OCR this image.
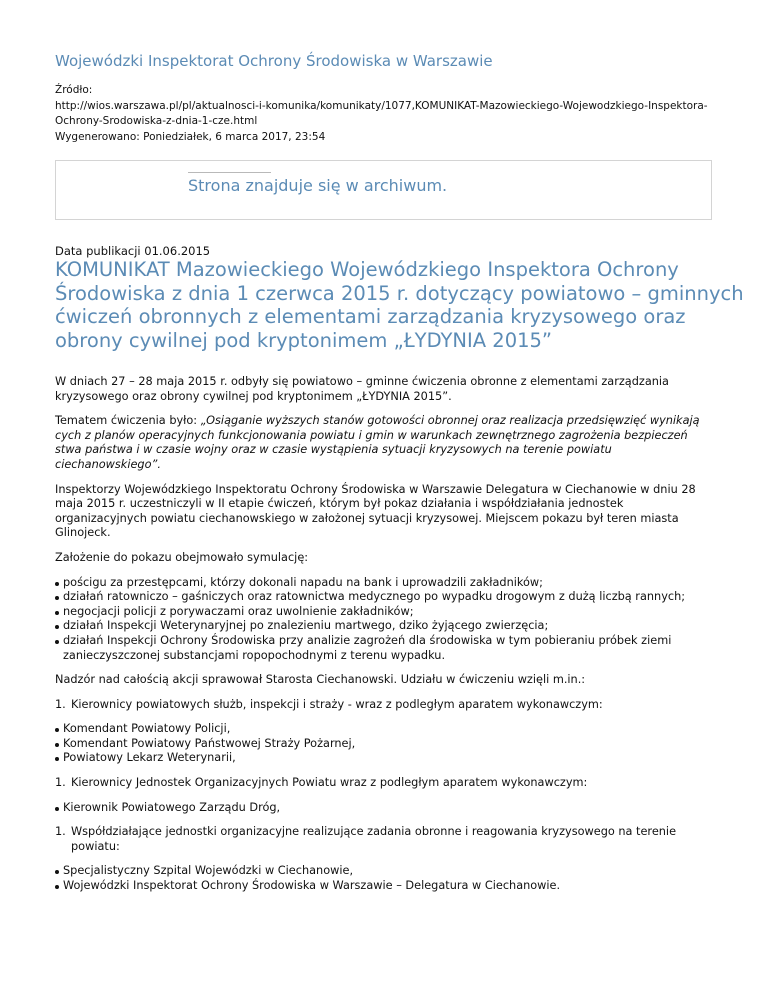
Wojewódzki Inspektorat Ochrony Środowiska w Warszawie
Źródło:
http://wios.warszawa.pl/pl/aktualnosci-i-komunika/komunikaty/1077,KOMUNIKAT-Mazowieckiego-Wojewodzkiego-Inspektora-
Ochrony-Srodowiska-z-dnia-1-cze.html
Wygenerowano: Poniedziałek, 6 marca 2017, 23:54
Strona znajduje się w archiwum.
Data publikacji 01.06.2015
KOMUNIKAT Mazowieckiego Wojewódzkiego Inspektora Ochrony
Środowiska z dnia 1 czerwca 2015 r. dotyczący powiatowo – gminnych
ćwiczeń obronnych z elementami zarządzania kryzysowego oraz
obrony cywilnej pod kryptonimem „ŁYDYNIA 2015”

W dniach 27 – 28 maja 2015 r. odbyły się powiatowo – gminne ćwiczenia obronne z elementami zarządzania
kryzysowego oraz obrony cywilnej pod kryptonimem „ŁYDYNIA 2015”.

Tematem ćwiczenia było: „Osiąganie wyższych stanów gotowości obronnej oraz realizacja przedsięwzięć wynikają
cych z planów operacyjnych funkcjonowania powiatu i gmin w warunkach zewnętrznego zagrożenia bezpieczeń
stwa państwa i w czasie wojny oraz w czasie wystąpienia sytuacji kryzysowych na terenie powiatu
ciechanowskiego”.

Inspektorzy Wojewódzkiego Inspektoratu Ochrony Środowiska w Warszawie Delegatura w Ciechanowie w dniu 28
maja 2015 r. uczestniczyli w II etapie ćwiczeń, którym był pokaz działania i współdziałania jednostek
organizacyjnych powiatu ciechanowskiego w założonej sytuacji kryzysowej. Miejscem pokazu był teren miasta
Glinojeck.

Założenie do pokazu obejmowało symulację:

pościgu za przestępcami, którzy dokonali napadu na bank i uprowadzili zakładników;
działań ratowniczo – gaśniczych oraz ratownictwa medycznego po wypadku drogowym z dużą liczbą rannych;
negocjacji policji z porywaczami oraz uwolnienie zakładników;
działań Inspekcji Weterynaryjnej po znalezieniu martwego, dziko żyjącego zwierzęcia;
działań Inspekcji Ochrony Środowiska przy analizie zagrożeń dla środowiska w tym pobieraniu próbek ziemi
zanieczyszczonej substancjami ropopochodnymi z terenu wypadku.

Nadzór nad całością akcji sprawował Starosta Ciechanowski. Udziału w ćwiczeniu wzięli m.in.:

1. Kierownicy powiatowych służb, inspekcji i straży - wraz z podległym aparatem wykonawczym:
Komendant Powiatowy Policji,
Komendant Powiatowy Państwowej Straży Pożarnej,
Powiatowy Lekarz Weterynarii,
1. Kierownicy Jednostek Organizacyjnych Powiatu wraz z podległym aparatem wykonawczym:
Kierownik Powiatowego Zarządu Dróg,
1. Współdziałające jednostki organizacyjne realizujące zadania obronne i reagowania kryzysowego na terenie
powiatu:
Specjalistyczny Szpital Wojewódzki w Ciechanowie,
Wojewódzki Inspektorat Ochrony Środowiska w Warszawie – Delegatura w Ciechanowie.
